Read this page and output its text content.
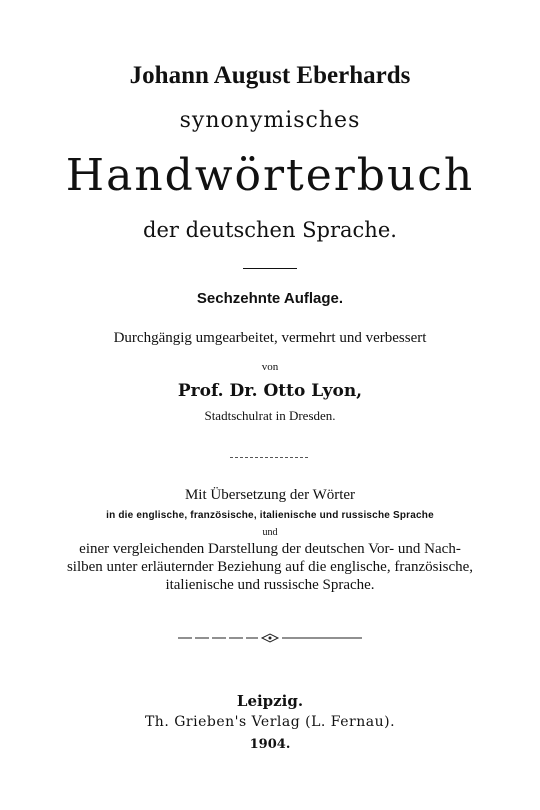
Johann August Eberhards
synonymisches
Handwörterbuch
der deutschen Sprache.
Sechzehnte Auflage.
Durchgängig umgearbeitet, vermehrt und verbessert
von
Prof. Dr. Otto Lyon,
Stadtschulrat in Dresden.
Mit Übersetzung der Wörter
in die englische, französische, italienische und russische Sprache
und
einer vergleichenden Darstellung der deutschen Vor- und Nach-
silben unter erläuternder Beziehung auf die englische, französische,
italienische und russische Sprache.
Leipzig.
Th. Grieben's Verlag (L. Fernau).
1904.
